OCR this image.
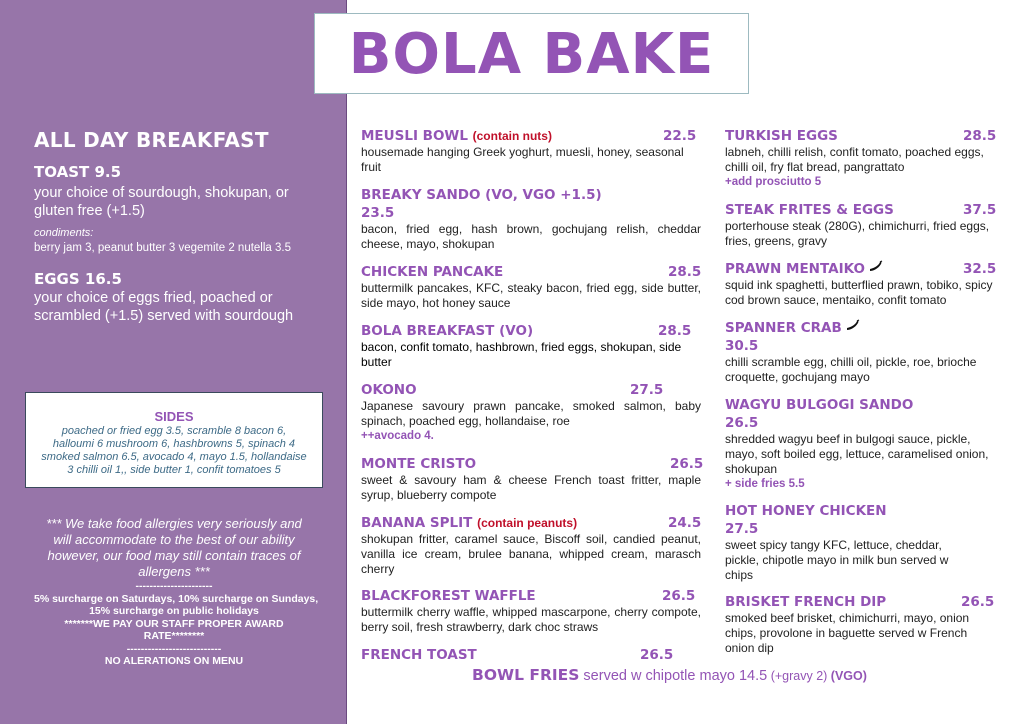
ALL DAY BREAKFAST
TOAST 9.5
your choice of sourdough, shokupan, or gluten free (+1.5)
condiments:
berry jam 3, peanut butter 3 vegemite 2 nutella 3.5
EGGS 16.5
your choice of eggs fried, poached or scrambled (+1.5) served with sourdough
SIDES
poached or fried egg 3.5, scramble 8 bacon 6,
halloumi 6 mushroom 6, hashbrowns 5, spinach 4
smoked salmon 6.5, avocado 4, mayo 1.5, hollandaise
3 chilli oil 1,, side butter 1, confit tomatoes 5
*** We take food allergies very seriously and will accommodate to the best of our ability however, our food may still contain traces of allergens ***
----------------------
5% surcharge on Saturdays, 10% surcharge on Sundays,
15% surcharge on public holidays
*******WE PAY OUR STAFF PROPER AWARD
RATE********
---------------------------
NO ALERATIONS ON MENU
BOLA BAKE
MEUSLI BOWL (contain nuts)	22.5
housemade hanging Greek yoghurt, muesli, honey, seasonal fruit
BREAKY SANDO (VO, VGO +1.5)
23.5
bacon, fried egg, hash brown, gochujang relish, cheddar cheese, mayo, shokupan
CHICKEN PANCAKE	28.5
buttermilk pancakes, KFC, steaky bacon, fried egg, side butter, side mayo, hot honey sauce
BOLA BREAKFAST (VO)	28.5
bacon, confit tomato, hashbrown, fried eggs, shokupan, side butter
OKONO	27.5
Japanese savoury prawn pancake, smoked salmon, baby spinach, poached egg, hollandaise, roe
++avocado 4.
MONTE CRISTO	26.5
sweet & savoury ham & cheese French toast fritter, maple syrup, blueberry compote
BANANA SPLIT (contain peanuts)	24.5
shokupan fritter, caramel sauce, Biscoff soil, candied peanut, vanilla ice cream, brulee banana, whipped cream, marasch cherry
BLACKFOREST WAFFLE	26.5
buttermilk cherry waffle, whipped mascarpone, cherry compote, berry soil, fresh strawberry, dark choc straws
FRENCH TOAST	26.5
TURKISH EGGS	28.5
labneh, chilli relish, confit tomato, poached eggs, chilli oil, fry flat bread, pangrattato
+add prosciutto 5
STEAK FRITES & EGGS	37.5
porterhouse steak (280G), chimichurri, fried eggs, fries, greens, gravy
PRAWN MENTAIKO	32.5
squid ink spaghetti, butterflied prawn, tobiko, spicy cod brown sauce, mentaiko, confit tomato
SPANNER CRAB
30.5
chilli scramble egg, chilli oil, pickle, roe, brioche croquette, gochujang mayo
WAGYU BULGOGI SANDO
26.5
shredded wagyu beef in bulgogi sauce, pickle, mayo, soft boiled egg, lettuce, caramelised onion, shokupan
+ side fries 5.5
HOT HONEY CHICKEN
27.5
sweet spicy tangy KFC, lettuce, cheddar, pickle, chipotle mayo in milk bun served w chips
BRISKET FRENCH DIP	26.5
smoked beef brisket, chimichurri, mayo, onion chips, provolone in baguette served w French onion dip
BOWL FRIES served w chipotle mayo 14.5 (+gravy 2) (VGO)
